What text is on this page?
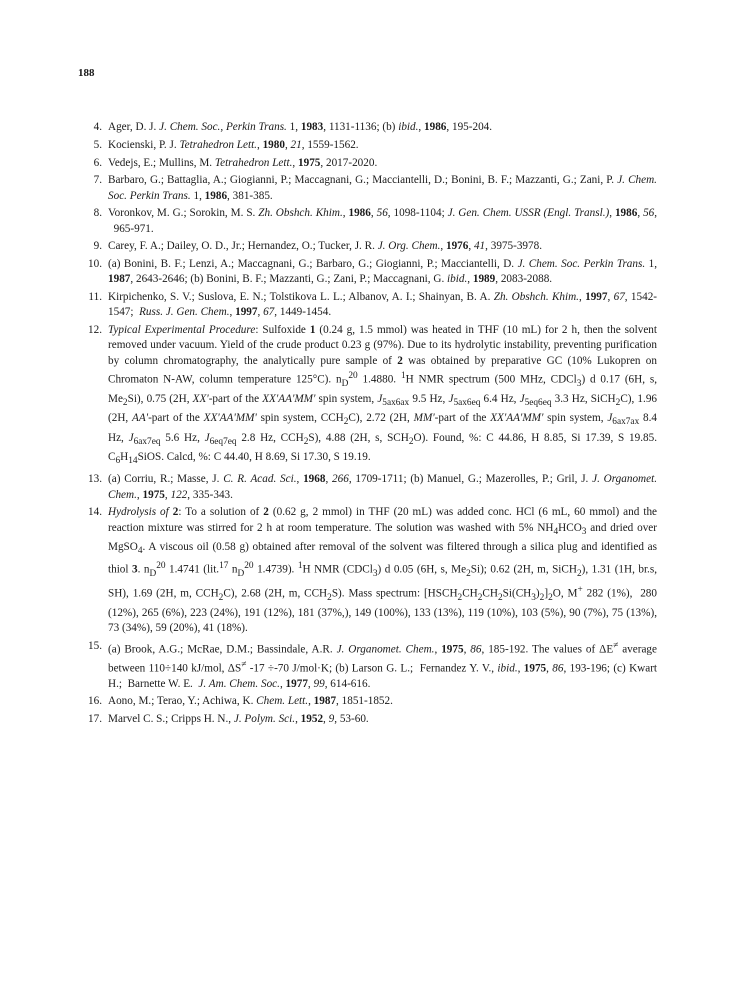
188
4. Ager, D. J. J. Chem. Soc., Perkin Trans. 1, 1983, 1131-1136; (b) ibid., 1986, 195-204.
5. Kocienski, P. J. Tetrahedron Lett., 1980, 21, 1559-1562.
6. Vedejs, E.; Mullins, M. Tetrahedron Lett., 1975, 2017-2020.
7. Barbaro, G.; Battaglia, A.; Giogianni, P.; Maccagnani, G.; Macciantelli, D.; Bonini, B. F.; Mazzanti, G.; Zani, P. J. Chem. Soc. Perkin Trans. 1, 1986, 381-385.
8. Voronkov, M. G.; Sorokin, M. S. Zh. Obshch. Khim., 1986, 56, 1098-1104; J. Gen. Chem. USSR (Engl. Transl.), 1986, 56,   965-971.
9. Carey, F. A.; Dailey, O. D., Jr.; Hernandez, O.; Tucker, J. R. J. Org. Chem., 1976, 41, 3975-3978.
10. (a) Bonini, B. F.; Lenzi, A.; Maccagnani, G.; Barbaro, G.; Giogianni, P.; Macciantelli, D. J. Chem. Soc. Perkin Trans. 1, 1987, 2643-2646; (b) Bonini, B. F.; Mazzanti, G.; Zani, P.; Maccagnani, G. ibid., 1989, 2083-2088.
11. Kirpichenko, S. V.; Suslova, E. N.; Tolstikova L. L.; Albanov, A. I.; Shainyan, B. A. Zh. Obshch. Khim., 1997, 67, 1542-1547;  Russ. J. Gen. Chem., 1997, 67, 1449-1454.
12. Typical Experimental Procedure: Sulfoxide 1 (0.24 g, 1.5 mmol) was heated in THF (10 mL) for 2 h, then the solvent removed under vacuum. Yield of the crude product 0.23 g (97%). Due to its hydrolytic instability, preventing purification by column chromatography, the analytically pure sample of 2 was obtained by preparative GC (10% Lukopren on Chromaton N-AW, column temperature 125°C). $n_D^{20}$ 1.4880. $^1$H NMR spectrum (500 MHz, CDCl$_3$) d 0.17 (6H, s, $Me_2Si$), 0.75 (2H, XX'-part of the XX'AA'MM' spin system, $J_{5ax6ax}$ 9.5 Hz, $J_{5ax6eq}$ 6.4 Hz, $J_{5eq6eq}$ 3.3 Hz, SiCH$_2$C), 1.96 (2H, AA'-part of the XX'AA'MM' spin system, $CCH_2C$), 2.72 (2H, MM'-part of the XX'AA'MM' spin system, $J_{6ax7ax}$ 8.4 Hz, $J_{6ax7eq}$ 5.6 Hz, $J_{6eq7eq}$ 2.8 Hz, $CCH_2S$), 4.88 (2H, s, $SCH_2O$). Found, %: C 44.86, H 8.85, Si 17.39, S 19.85. $C_6H_{14}SiOS$. Calcd, %: C 44.40, H 8.69, Si 17.30, S 19.19.
13. (a) Corriu, R.; Masse, J. C. R. Acad. Sci., 1968, 266, 1709-1711; (b) Manuel, G.; Mazerolles, P.; Gril, J. J. Organomet. Chem., 1975, 122, 335-343.
14. Hydrolysis of 2: To a solution of 2 (0.62 g, 2 mmol) in THF (20 mL) was added conc. HCl (6 mL, 60 mmol) and the reaction mixture was stirred for 2 h at room temperature. The solution was washed with 5% $NH_4HCO_3$ and dried over MgSO$_4$. A viscous oil (0.58 g) obtained after removal of the solvent was filtered through a silica plug and identified as thiol 3. $n_D^{20}$ 1.4741 (lit.$^{17}$ $n_D^{20}$ 1.4739). $^1$H NMR (CDCl$_3$) d 0.05 (6H, s, $Me_2Si$); 0.62 (2H, m, SiCH$_2$), 1.31 (1H, br.s, SH), 1.69 (2H, m, $CCH_2C$), 2.68 (2H, m, $CCH_2S$). Mass spectrum: $[HSCH_2CH_2CH_2Si(CH_3)_2]_2O$, M+ 282 (1%),  280 (12%), 265 (6%), 223 (24%), 191 (12%), 181 (37%,), 149 (100%), 133 (13%), 119 (10%), 103 (5%), 90 (7%), 75 (13%), 73 (34%), 59 (20%), 41 (18%).
15. (a) Brook, A.G.; McRae, D.M.; Bassindale, A.R. J. Organomet. Chem., 1975, 86, 185-192. The values of ΔE≠ average between 110÷140 kJ/mol, ΔS≠ -17 ÷-70 J/mol·K; (b) Larson G. L.;  Fernandez Y. V., ibid., 1975, 86, 193-196; (c) Kwart H.;  Barnette W. E.  J. Am. Chem. Soc., 1977, 99, 614-616.
16. Aono, M.; Terao, Y.; Achiwa, K. Chem. Lett., 1987, 1851-1852.
17. Marvel C. S.; Cripps H. N., J. Polym. Sci., 1952, 9, 53-60.
